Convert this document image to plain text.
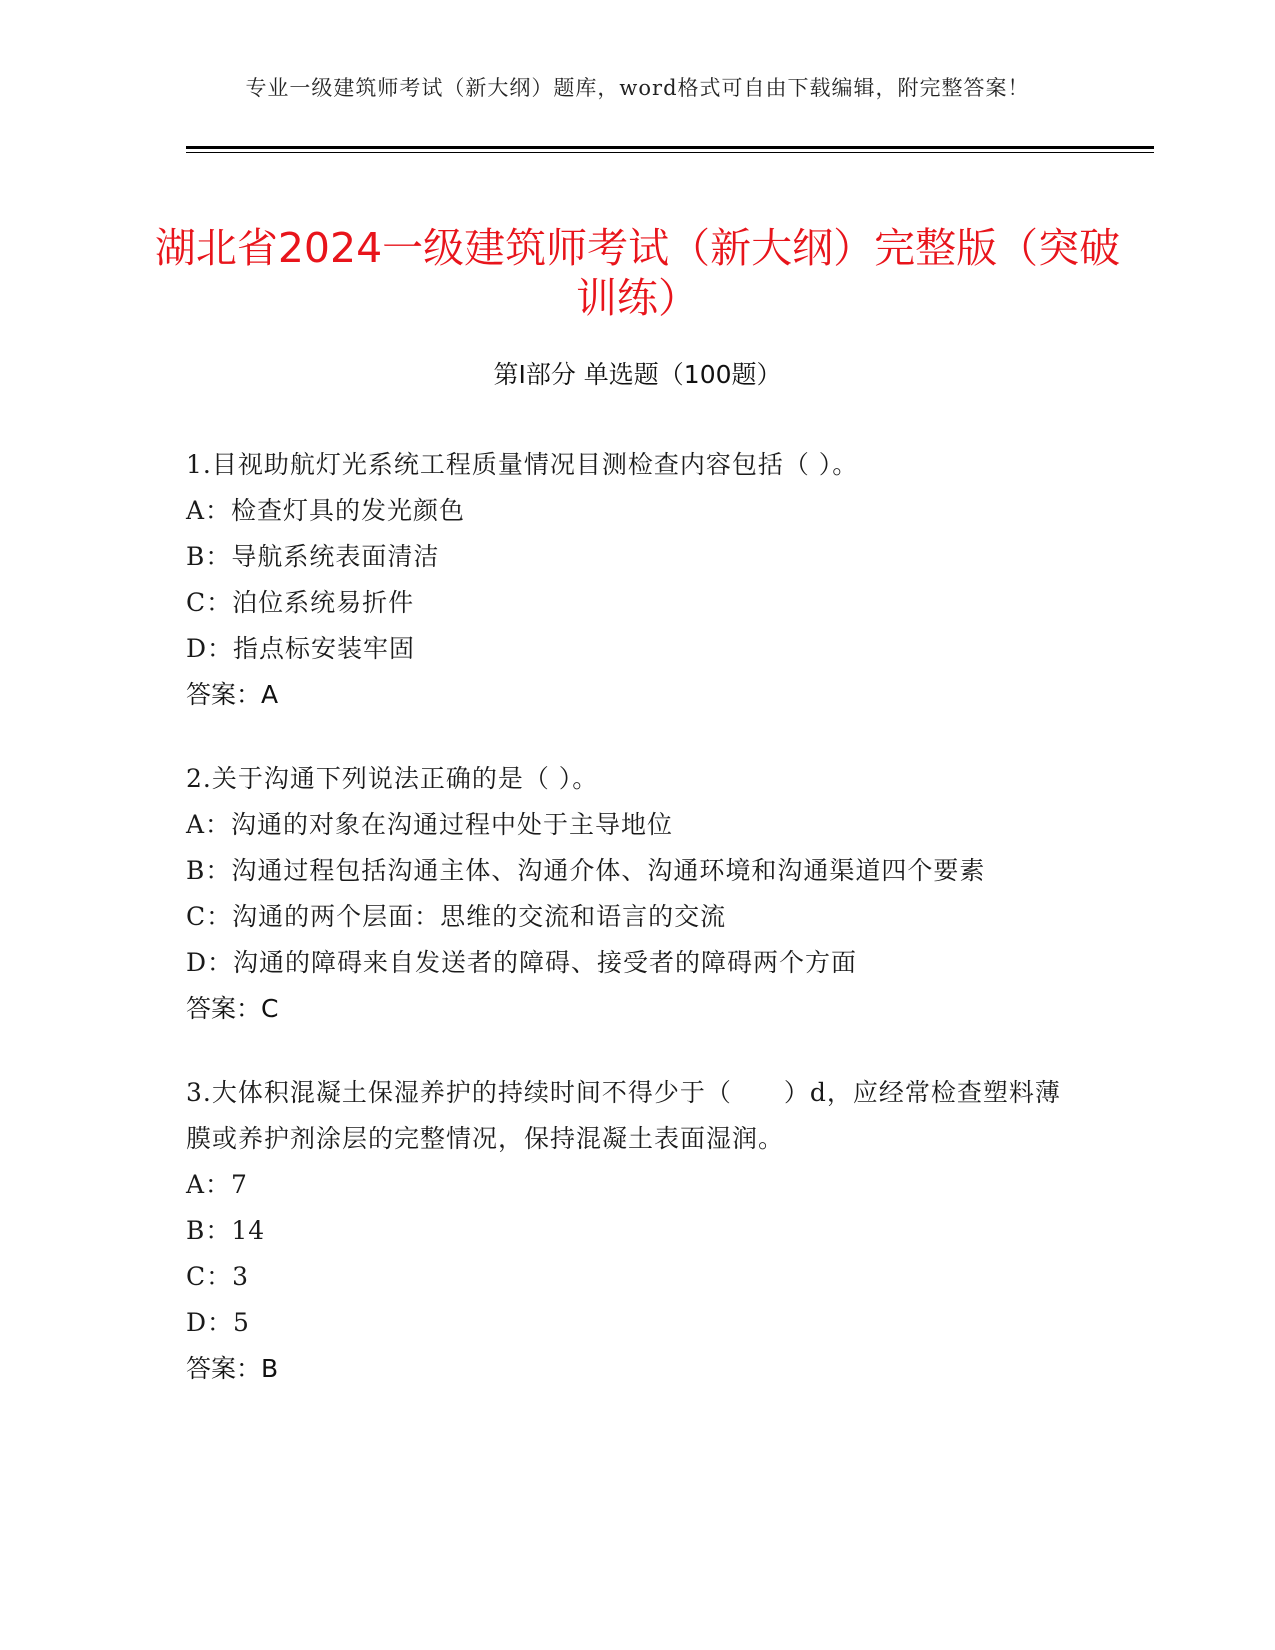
专业一级建筑师考试（新大纲）题库，word格式可自由下载编辑，附完整答案！
湖北省2024一级建筑师考试（新大纲）完整版（突破训练）
第I部分 单选题（100题）
1.目视助航灯光系统工程质量情况目测检查内容包括（ ）。
A：检查灯具的发光颜色
B：导航系统表面清洁
C：泊位系统易折件
D：指点标安装牢固
答案：A
2.关于沟通下列说法正确的是（ ）。
A：沟通的对象在沟通过程中处于主导地位
B：沟通过程包括沟通主体、沟通介体、沟通环境和沟通渠道四个要素
C：沟通的两个层面：思维的交流和语言的交流
D：沟通的障碍来自发送者的障碍、接受者的障碍两个方面
答案：C
3.大体积混凝土保湿养护的持续时间不得少于（　　）d，应经常检查塑料薄膜或养护剂涂层的完整情况，保持混凝土表面湿润。
A：7
B：14
C：3
D：5
答案：B
